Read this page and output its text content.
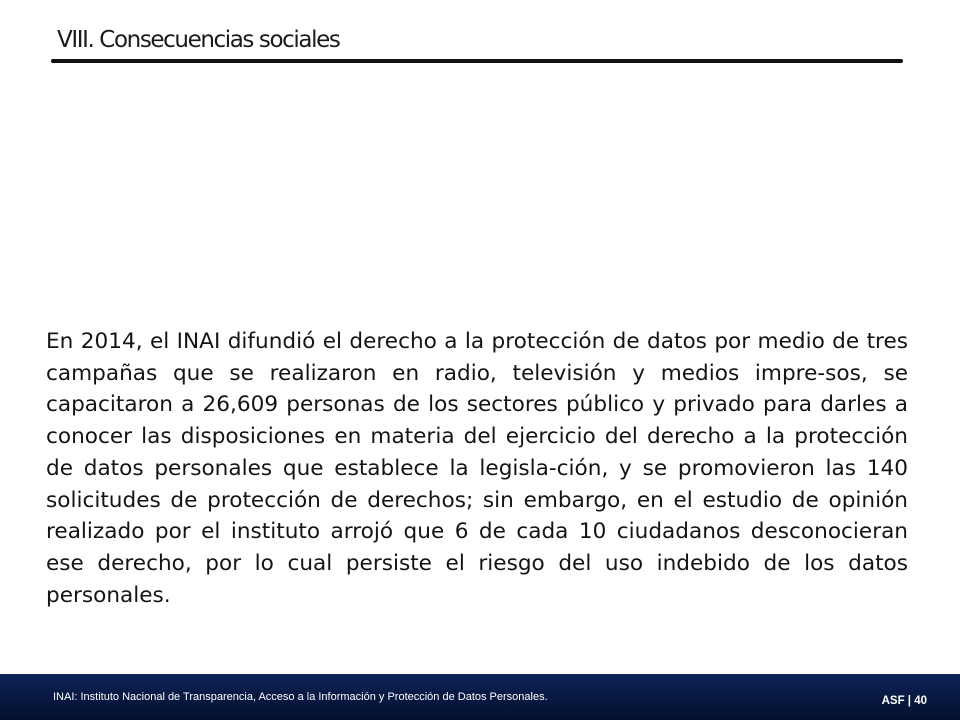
VIII. Consecuencias sociales

En 2014, el INAI difundió el derecho a la protección de datos por medio de tres campañas que se realizaron en radio, televisión y medios impre-sos, se capacitaron a 26,609 personas de los sectores público y privado para darles a conocer las disposiciones en materia del ejercicio del derecho a la protección de datos personales que establece la legisla-ción, y se promovieron las 140 solicitudes de protección de derechos; sin embargo, en el estudio de opinión realizado por el instituto arrojó que 6 de cada 10 ciudadanos desconocieran ese derecho, por lo cual persiste el riesgo del uso indebido de los datos personales.

INAI: Instituto Nacional de Transparencia, Acceso a la Información y Protección de Datos Personales.	ASF | 40
